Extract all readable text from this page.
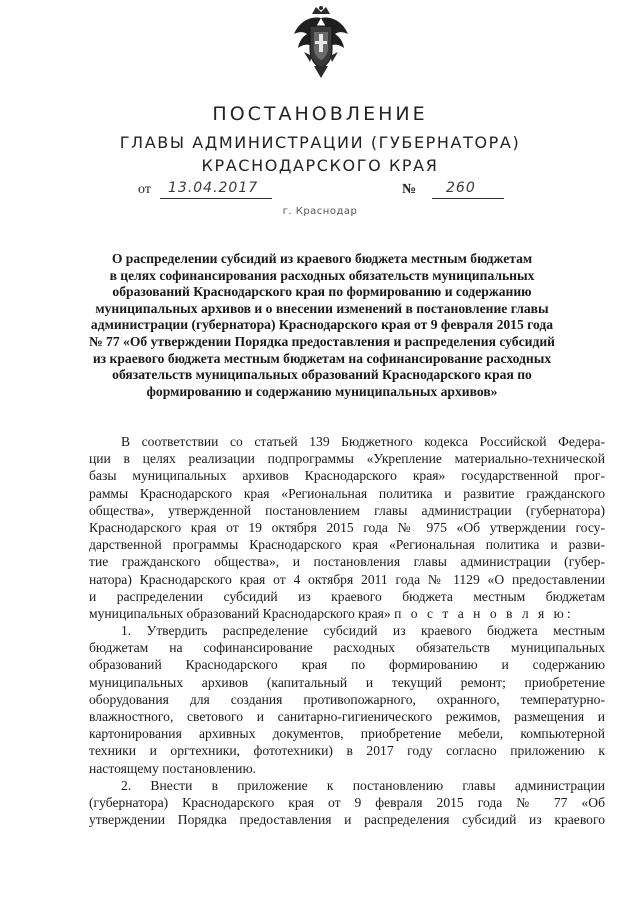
ПОСТАНОВЛЕНИЕ
ГЛАВЫ АДМИНИСТРАЦИИ (ГУБЕРНАТОРА)
КРАСНОДАРСКОГО КРАЯ
от 13.04.2017	№ 260
г. Краснодар
О распределении субсидий из краевого бюджета местным бюджетам
в целях софинансирования расходных обязательств муниципальных
образований Краснодарского края по формированию и содержанию
муниципальных архивов и о внесении изменений в постановление главы
администрации (губернатора) Краснодарского края от 9 февраля 2015 года
№ 77 «Об утверждении Порядка предоставления и распределения субсидий
из краевого бюджета местным бюджетам на софинансирование расходных
обязательств муниципальных образований Краснодарского края по
формированию и содержанию муниципальных архивов»
В соответствии со статьей 139 Бюджетного кодекса Российской Федера-
ции в целях реализации подпрограммы «Укрепление материально-технической
базы муниципальных архивов Краснодарского края» государственной прог-
раммы Краснодарского края «Региональная политика и развитие гражданского
общества», утвержденной постановлением главы администрации (губернатора)
Краснодарского края от 19 октября 2015 года № 975 «Об утверждении госу-
дарственной программы Краснодарского края «Региональная политика и разви-
тие гражданского общества», и постановления главы администрации (губер-
натора) Краснодарского края от 4 октября 2011 года № 1129 «О предоставлении
и распределении субсидий из краевого бюджета местным бюджетам
муниципальных образований Краснодарского края» п о с т а н о в л я ю:
1. Утвердить распределение субсидий из краевого бюджета местным
бюджетам на софинансирование расходных обязательств муниципальных
образований Краснодарского края по формированию и содержанию
муниципальных архивов (капитальный и текущий ремонт; приобретение
оборудования для создания противопожарного, охранного, температурно-
влажностного, светового и санитарно-гигиенического режимов, размещения и
картонирования архивных документов, приобретение мебели, компьютерной
техники и оргтехники, фототехники) в 2017 году согласно приложению к
настоящему постановлению.
2. Внести в приложение к постановлению главы администрации
(губернатора) Краснодарского края от 9 февраля 2015 года № 77 «Об
утверждении Порядка предоставления и распределения субсидий из краевого
